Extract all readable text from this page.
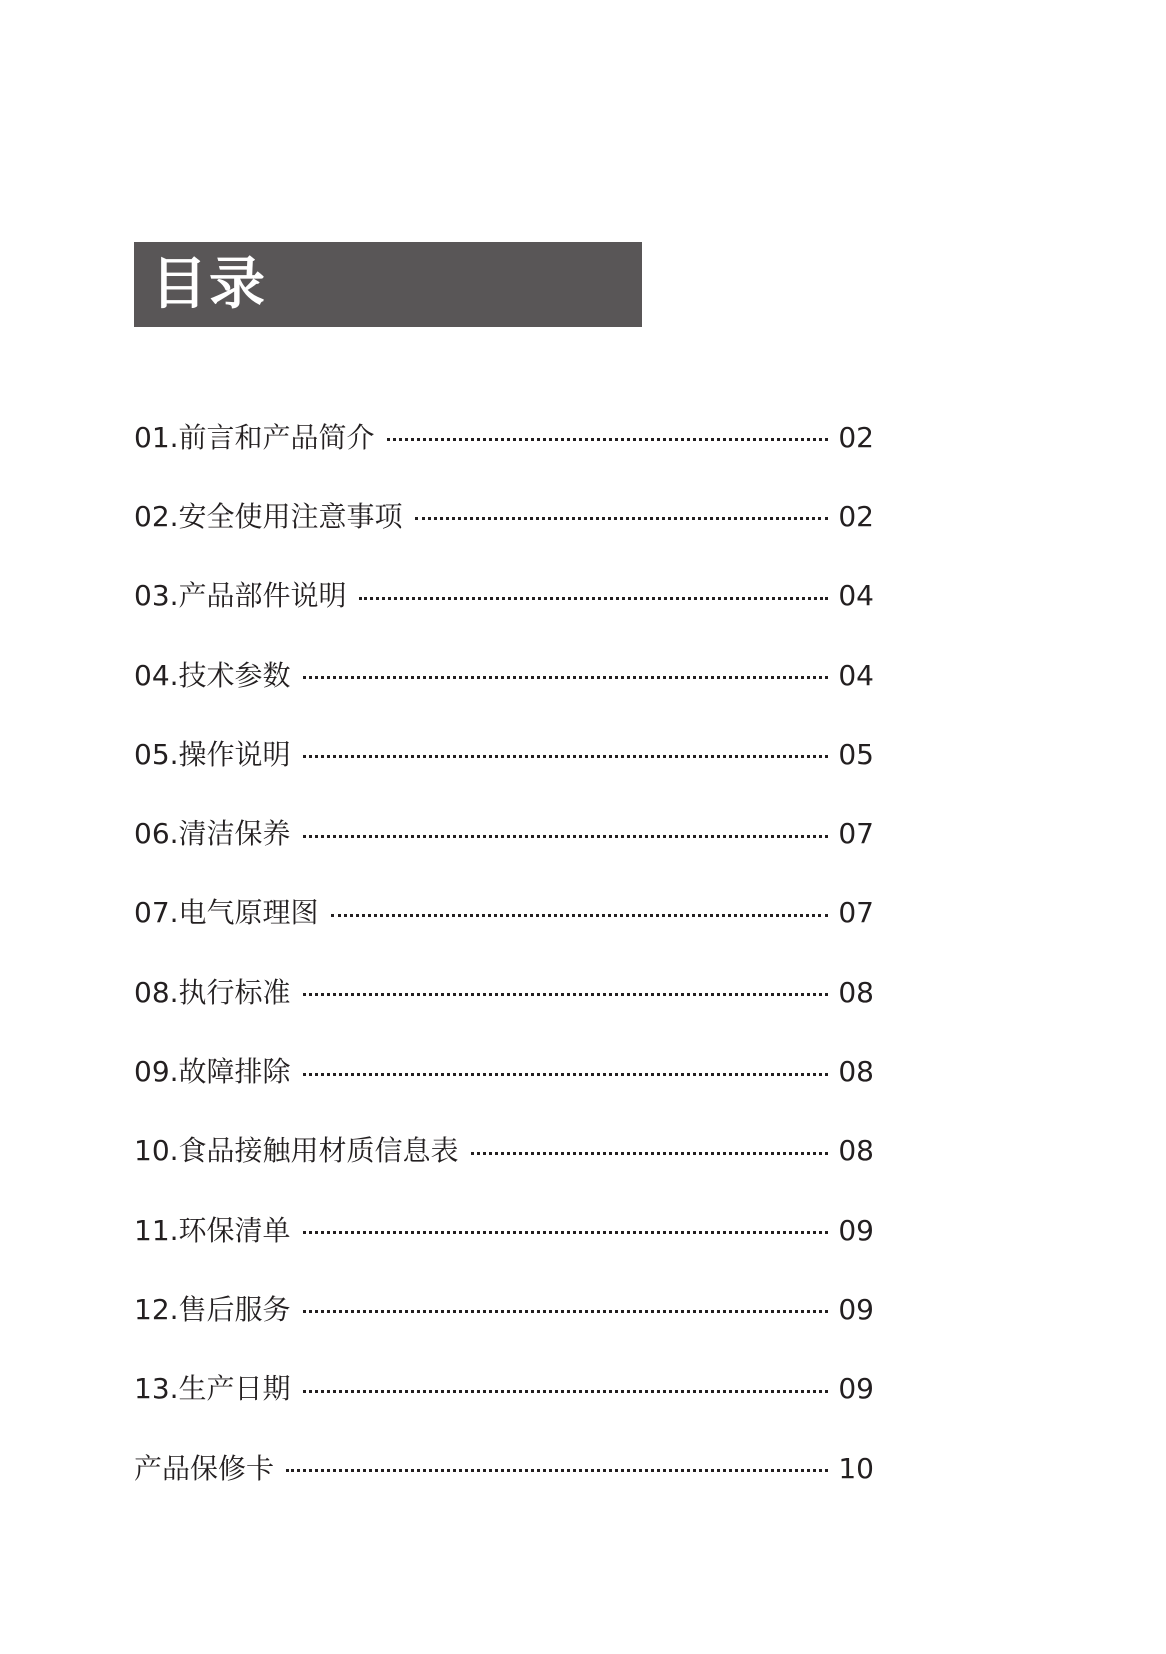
目录
01.前言和产品简介	02
02.安全使用注意事项	02
03.产品部件说明	04
04.技术参数	04
05.操作说明	05
06.清洁保养	07
07.电气原理图	07
08.执行标准	08
09.故障排除	08
10.食品接触用材质信息表	08
11.环保清单	09
12.售后服务	09
13.生产日期	09
产品保修卡	10
